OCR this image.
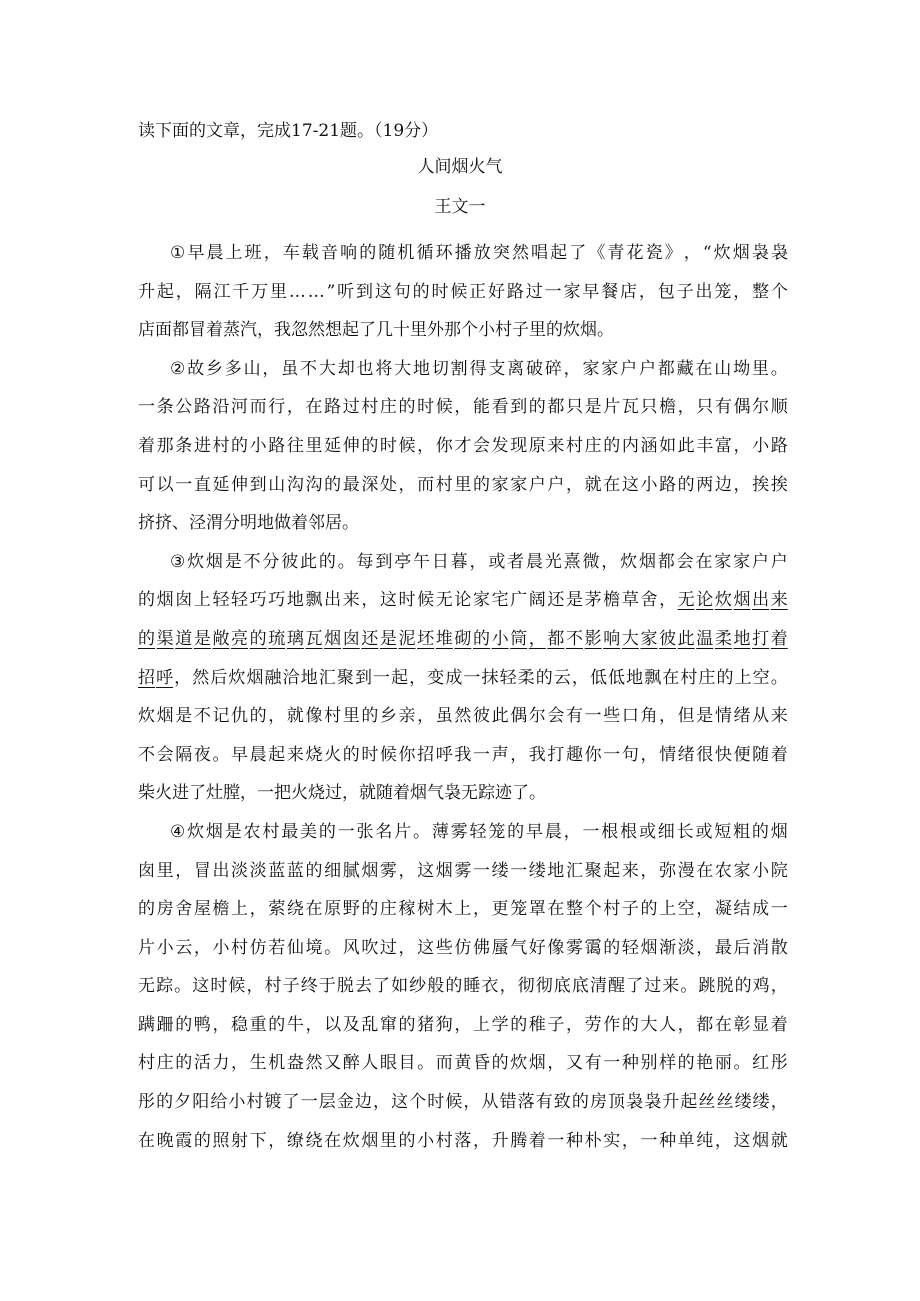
读下面的文章，完成17-21题。（19分）
人间烟火气
王文一
① 早 晨 上 班 ， 车 载 音 响 的 随 机 循 环 播 放 突 然 唱 起 了 《 青 花 瓷 》 ， “ 炊 烟 袅 袅
升 起 ， 隔 江 千 万 里 … … ” 听 到 这 句 的 时 候 正 好 路 过 一 家 早 餐 店 ， 包 子 出 笼 ， 整 个
店面都冒着蒸汽，我忽然想起了几十里外那个小村子里的炊烟。
② 故 乡 多 山 ， 虽 不 大 却 也 将 大 地 切 割 得 支 离 破 碎 ， 家 家 户 户 都 藏 在 山 坳 里 。
一 条 公 路 沿 河 而 行 ， 在 路 过 村 庄 的 时 候 ， 能 看 到 的 都 只 是 片 瓦 只 檐 ， 只 有 偶 尔 顺
着 那 条 进 村 的 小 路 往 里 延 伸 的 时 候 ， 你 才 会 发 现 原 来 村 庄 的 内 涵 如 此 丰 富 ， 小 路
可 以 一 直 延 伸 到 山 沟 沟 的 最 深 处 ， 而 村 里 的 家 家 户 户 ， 就 在 这 小 路 的 两 边 ， 挨 挨
挤挤、泾渭分明地做着邻居。
③ 炊 烟 是 不 分 彼 此 的 。 每 到 亭 午 日 暮 ， 或 者 晨 光 熹 微 ， 炊 烟 都 会 在 家 家 户 户
的 烟 囱 上 轻 轻 巧 巧 地 飘 出 来 ， 这 时 候 无 论 家 宅 广 阔 还 是 茅 檐 草 舍 ， 无 论 炊 烟 出 来
的 渠 道 是 敞 亮 的 琉 璃 瓦 烟 囱 还 是 泥 坯 堆 砌 的 小 筒 ， 都 不 影 响 大 家 彼 此 温 柔 地 打 着
招 呼 ， 然 后 炊 烟 融 洽 地 汇 聚 到 一 起 ， 变 成 一 抹 轻 柔 的 云 ， 低 低 地 飘 在 村 庄 的 上 空 。
炊 烟 是 不 记 仇 的 ， 就 像 村 里 的 乡 亲 ， 虽 然 彼 此 偶 尔 会 有 一 些 口 角 ， 但 是 情 绪 从 来
不 会 隔 夜 。 早 晨 起 来 烧 火 的 时 候 你 招 呼 我 一 声 ， 我 打 趣 你 一 句 ， 情 绪 很 快 便 随 着
柴火进了灶膛，一把火烧过，就随着烟气袅无踪迹了。
④ 炊 烟 是 农 村 最 美 的 一 张 名 片 。 薄 雾 轻 笼 的 早 晨 ， 一 根 根 或 细 长 或 短 粗 的 烟
囱 里 ， 冒 出 淡 淡 蓝 蓝 的 细 腻 烟 雾 ， 这 烟 雾 一 缕 一 缕 地 汇 聚 起 来 ， 弥 漫 在 农 家 小 院
的 房 舍 屋 檐 上 ， 萦 绕 在 原 野 的 庄 稼 树 木 上 ， 更 笼 罩 在 整 个 村 子 的 上 空 ， 凝 结 成 一
片 小 云 ， 小 村 仿 若 仙 境 。 风 吹 过 ， 这 些 仿 佛 蜃 气 好 像 雾 霭 的 轻 烟 渐 淡 ， 最 后 消 散
无 踪 。 这 时 候 ， 村 子 终 于 脱 去 了 如 纱 般 的 睡 衣 ， 彻 彻 底 底 清 醒 了 过 来 。 跳 脱 的 鸡 ，
蹒 跚 的 鸭 ， 稳 重 的 牛 ， 以 及 乱 窜 的 猪 狗 ， 上 学 的 稚 子 ， 劳 作 的 大 人 ， 都 在 彰 显 着
村 庄 的 活 力 ， 生 机 盎 然 又 醉 人 眼 目 。 而 黄 昏 的 炊 烟 ， 又 有 一 种 别 样 的 艳 丽 。 红 彤
彤 的 夕 阳 给 小 村 镀 了 一 层 金 边 ， 这 个 时 候 ， 从 错 落 有 致 的 房 顶 袅 袅 升 起 丝 丝 缕 缕 ，
在 晚 霞 的 照 射 下 ， 缭 绕 在 炊 烟 里 的 小 村 落 ， 升 腾 着 一 种 朴 实 ， 一 种 单 纯 ， 这 烟 就
